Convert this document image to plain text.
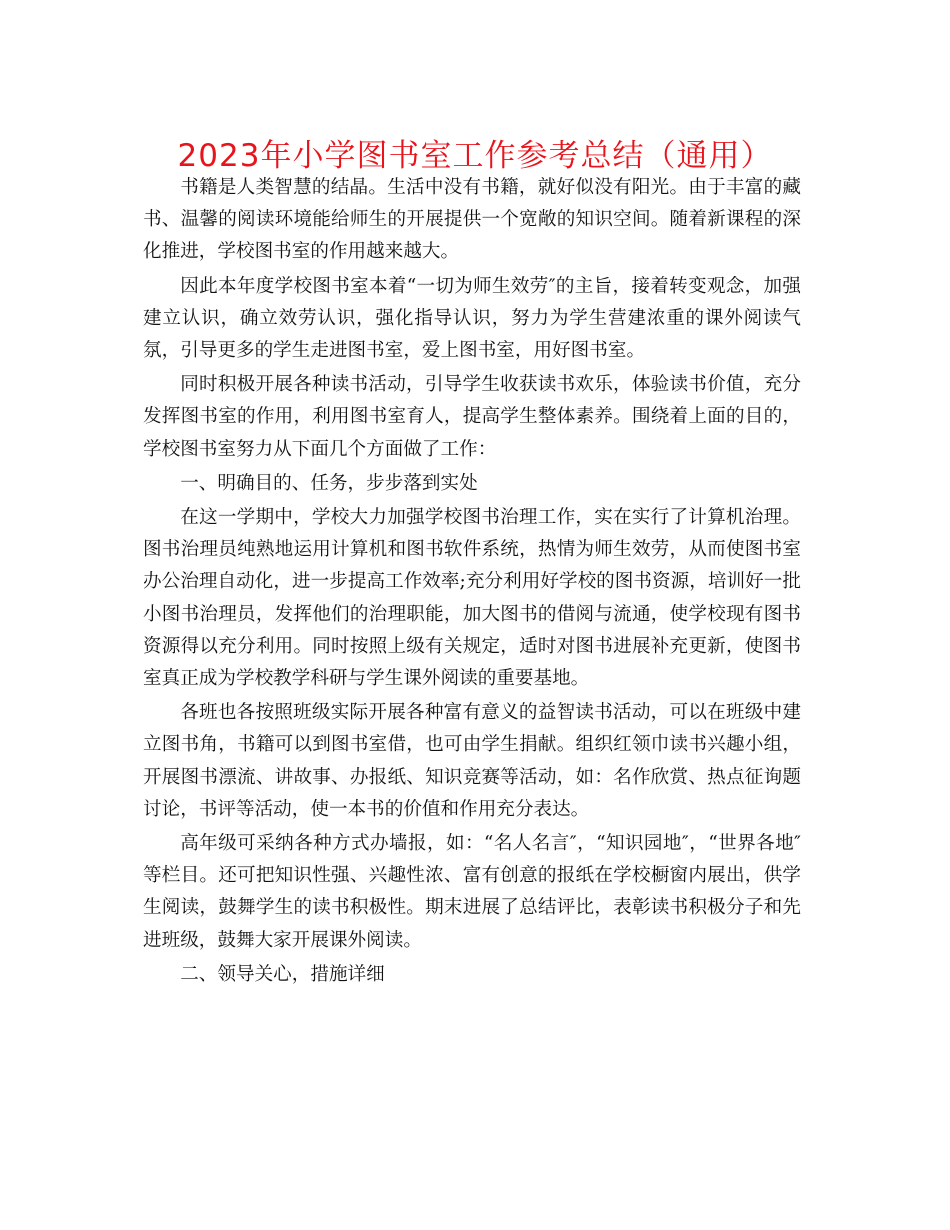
2023年小学图书室工作参考总结（通用）

书籍是人类智慧的结晶。生活中没有书籍，就好似没有阳光。由于丰富的藏书、温馨的阅读环境能给师生的开展提供一个宽敞的知识空间。随着新课程的深化推进，学校图书室的作用越来越大。

因此本年度学校图书室本着“一切为师生效劳″的主旨，接着转变观念，加强建立认识，确立效劳认识，强化指导认识，努力为学生营建浓重的课外阅读气氛，引导更多的学生走进图书室，爱上图书室，用好图书室。

同时积极开展各种读书活动，引导学生收获读书欢乐，体验读书价值，充分发挥图书室的作用，利用图书室育人，提高学生整体素养。围绕着上面的目的，学校图书室努力从下面几个方面做了工作：

一、明确目的、任务，步步落到实处

在这一学期中，学校大力加强学校图书治理工作，实在实行了计算机治理。图书治理员纯熟地运用计算机和图书软件系统，热情为师生效劳，从而使图书室办公治理自动化，进一步提高工作效率;充分利用好学校的图书资源，培训好一批小图书治理员，发挥他们的治理职能，加大图书的借阅与流通，使学校现有图书资源得以充分利用。同时按照上级有关规定，适时对图书进展补充更新，使图书室真正成为学校教学科研与学生课外阅读的重要基地。

各班也各按照班级实际开展各种富有意义的益智读书活动，可以在班级中建立图书角，书籍可以到图书室借，也可由学生捐献。组织红领巾读书兴趣小组，开展图书漂流、讲故事、办报纸、知识竞赛等活动，如：名作欣赏、热点征询题讨论，书评等活动，使一本书的价值和作用充分表达。

高年级可采纳各种方式办墙报，如：“名人名言″，“知识园地″，“世界各地″等栏目。还可把知识性强、兴趣性浓、富有创意的报纸在学校橱窗内展出，供学生阅读，鼓舞学生的读书积极性。期末进展了总结评比，表彰读书积极分子和先进班级，鼓舞大家开展课外阅读。

二、领导关心，措施详细
